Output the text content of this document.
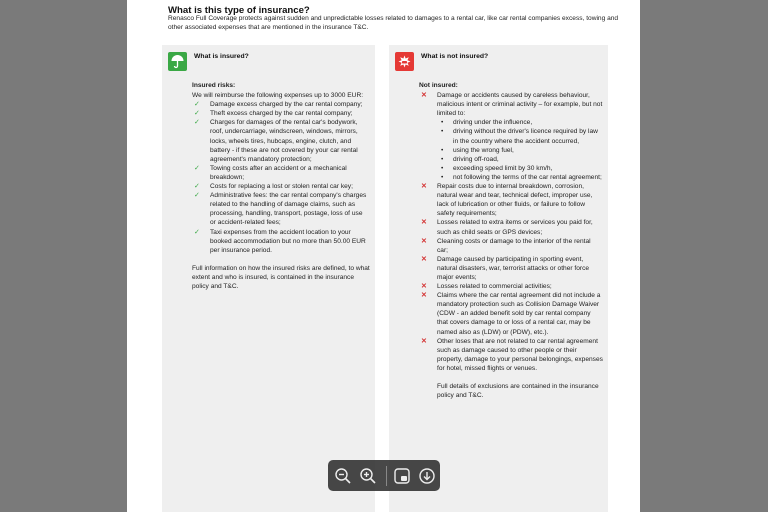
What is this type of insurance?
Renasco Full Coverage protects against sudden and unpredictable losses related to damages to a rental car, like car rental companies excess, towing and other associated expenses that are mentioned in the insurance T&C.
What is insured?
Insured risks:
We will reimburse the following expenses up to 3000 EUR:
✓ Damage excess charged by the car rental company;
✓ Theft excess charged by the car rental company;
✓ Charges for damages of the rental car's bodywork, roof, undercarriage, windscreen, windows, mirrors, locks, wheels tires, hubcaps, engine, clutch, and battery - if these are not covered by your car rental agreement's mandatory protection;
✓ Towing costs after an accident or a mechanical breakdown;
✓ Costs for replacing a lost or stolen rental car key;
✓ Administrative fees: the car rental company's charges related to the handling of damage claims, such as processing, handling, transport, postage, loss of use or accident-related fees;
✓ Taxi expenses from the accident location to your booked accommodation but no more than 50.00 EUR per insurance period.

Full information on how the insured risks are defined, to what extent and who is insured, is contained in the insurance policy and T&C.

What is not insured?
Not insured:
✕ Damage or accidents caused by careless behaviour, malicious intent or criminal activity – for example, but not limited to:
• driving under the influence,
• driving without the driver's licence required by law in the country where the accident occurred,
• using the wrong fuel,
• driving off-road,
• exceeding speed limit by 30 km/h,
• not following the terms of the car rental agreement;
✕ Repair costs due to internal breakdown, corrosion, natural wear and tear, technical defect, improper use, lack of lubrication or other fluids, or failure to follow safety requirements;
✕ Losses related to extra items or services you paid for, such as child seats or GPS devices;
✕ Cleaning costs or damage to the interior of the rental car;
✕ Damage caused by participating in sporting event, natural disasters, war, terrorist attacks or other force major events;
✕ Losses related to commercial activities;
✕ Claims where the car rental agreement did not include a mandatory protection such as Collision Damage Waiver (CDW - an added benefit sold by car rental company that covers damage to or loss of a rental car, may be named also as (LDW) or (PDW), etc.).
✕ Other loses that are not related to car rental agreement such as damage caused to other people or their property, damage to your personal belongings, expenses for hotel, missed flights or venues.

Full details of exclusions are contained in the insurance policy and T&C.
